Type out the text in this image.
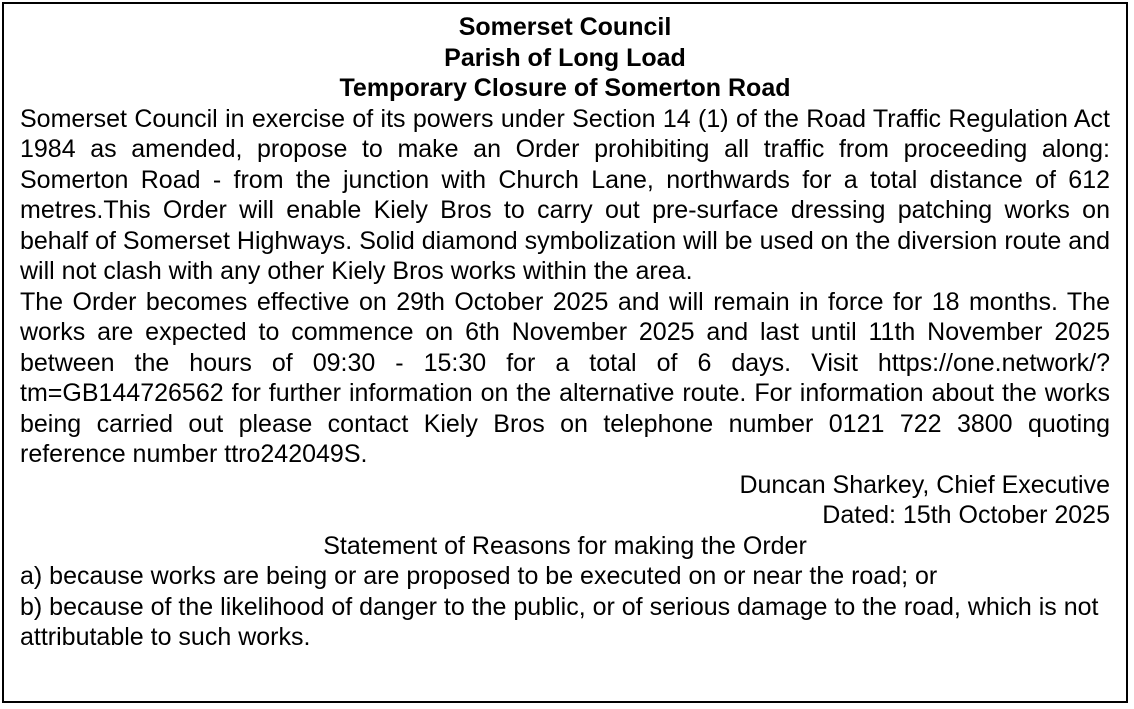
Somerset Council

Parish of Long Load

Temporary Closure of Somerton Road

Somerset Council in exercise of its powers under Section 14 (1) of the Road Traffic Regulation Act 1984 as amended, propose to make an Order prohibiting all traffic from proceeding along: Somerton Road - from the junction with Church Lane, northwards for a total distance of 612 metres.This Order will enable Kiely Bros to carry out pre-surface dressing patching works on behalf of Somerset Highways. Solid diamond symbolization will be used on the diversion route and will not clash with any other Kiely Bros works within the area.

The Order becomes effective on 29th October 2025 and will remain in force for 18 months. The works are expected to commence on 6th November 2025 and last until 11th November 2025 between the hours of 09:30 - 15:30 for a total of 6 days. Visit https://one.network/?tm=GB144726562 for further information on the alternative route. For information about the works being carried out please contact Kiely Bros on telephone number 0121 722 3800 quoting reference number ttro242049S.

Duncan Sharkey, Chief Executive

Dated: 15th October 2025

Statement of Reasons for making the Order

a) because works are being or are proposed to be executed on or near the road; or

b) because of the likelihood of danger to the public, or of serious damage to the road, which is not attributable to such works.
